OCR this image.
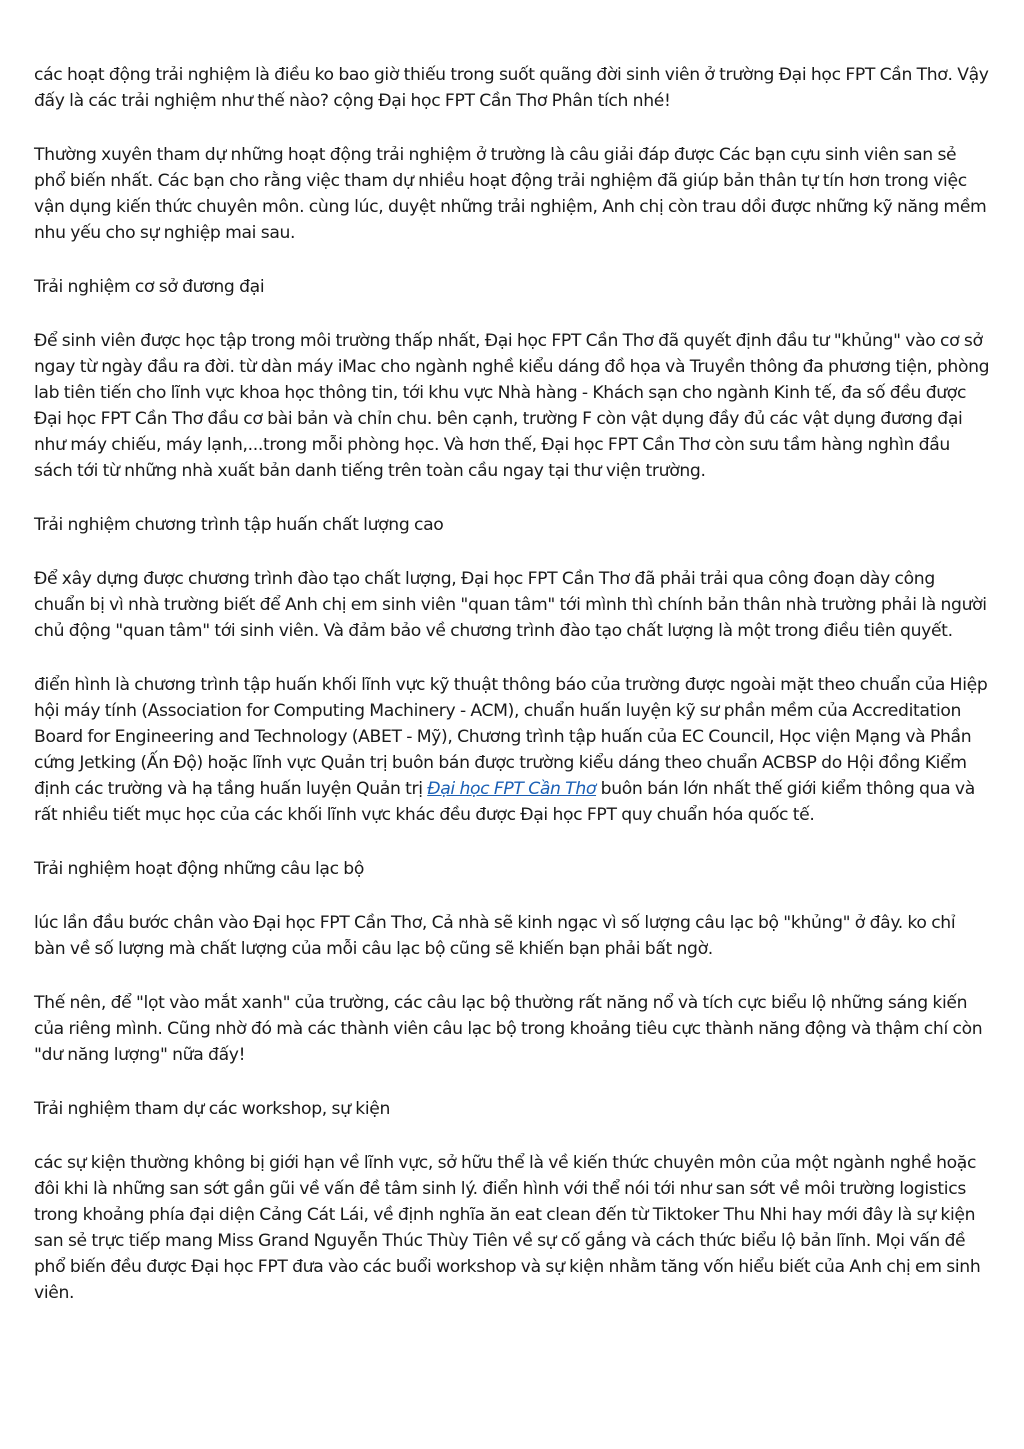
các hoạt động trải nghiệm là điều ko bao giờ thiếu trong suốt quãng đời sinh viên ở trường Đại học FPT Cần Thơ. Vậy đấy là các trải nghiệm như thế nào? cộng Đại học FPT Cần Thơ Phân tích nhé!

Thường xuyên tham dự những hoạt động trải nghiệm ở trường là câu giải đáp được Các bạn cựu sinh viên san sẻ phổ biến nhất. Các bạn cho rằng việc tham dự nhiều hoạt động trải nghiệm đã giúp bản thân tự tín hơn trong việc vận dụng kiến thức chuyên môn. cùng lúc, duyệt những trải nghiệm, Anh chị còn trau dồi được những kỹ năng mềm nhu yếu cho sự nghiệp mai sau.

Trải nghiệm cơ sở đương đại

Để sinh viên được học tập trong môi trường thấp nhất, Đại học FPT Cần Thơ đã quyết định đầu tư "khủng" vào cơ sở ngay từ ngày đầu ra đời. từ dàn máy iMac cho ngành nghề kiểu dáng đồ họa và Truyền thông đa phương tiện, phòng lab tiên tiến cho lĩnh vực khoa học thông tin, tới khu vực Nhà hàng - Khách sạn cho ngành Kinh tế, đa số đều được Đại học FPT Cần Thơ đầu cơ bài bản và chỉn chu. bên cạnh, trường F còn vật dụng đầy đủ các vật dụng đương đại như máy chiếu, máy lạnh,...trong mỗi phòng học. Và hơn thế, Đại học FPT Cần Thơ còn sưu tầm hàng nghìn đầu sách tới từ những nhà xuất bản danh tiếng trên toàn cầu ngay tại thư viện trường.

Trải nghiệm chương trình tập huấn chất lượng cao

Để xây dựng được chương trình đào tạo chất lượng, Đại học FPT Cần Thơ đã phải trải qua công đoạn dày công chuẩn bị vì nhà trường biết để Anh chị em sinh viên "quan tâm" tới mình thì chính bản thân nhà trường phải là người chủ động "quan tâm" tới sinh viên. Và đảm bảo về chương trình đào tạo chất lượng là một trong điều tiên quyết.

điển hình là chương trình tập huấn khối lĩnh vực kỹ thuật thông báo của trường được ngoài mặt theo chuẩn của Hiệp hội máy tính (Association for Computing Machinery - ACM), chuẩn huấn luyện kỹ sư phần mềm của Accreditation Board for Engineering and Technology (ABET - Mỹ), Chương trình tập huấn của EC Council, Học viện Mạng và Phần cứng Jetking (Ấn Độ) hoặc lĩnh vực Quản trị buôn bán được trường kiểu dáng theo chuẩn ACBSP do Hội đồng Kiểm định các trường và hạ tầng huấn luyện Quản trị Đại học FPT Cần Thơ buôn bán lớn nhất thế giới kiểm thông qua và rất nhiều tiết mục học của các khối lĩnh vực khác đều được Đại học FPT quy chuẩn hóa quốc tế.

Trải nghiệm hoạt động những câu lạc bộ

lúc lần đầu bước chân vào Đại học FPT Cần Thơ, Cả nhà sẽ kinh ngạc vì số lượng câu lạc bộ "khủng" ở đây. ko chỉ bàn về số lượng mà chất lượng của mỗi câu lạc bộ cũng sẽ khiến bạn phải bất ngờ.

Thế nên, để "lọt vào mắt xanh" của trường, các câu lạc bộ thường rất năng nổ và tích cực biểu lộ những sáng kiến của riêng mình. Cũng nhờ đó mà các thành viên câu lạc bộ trong khoảng tiêu cực thành năng động và thậm chí còn "dư năng lượng" nữa đấy!

Trải nghiệm tham dự các workshop, sự kiện

các sự kiện thường không bị giới hạn về lĩnh vực, sở hữu thể là về kiến thức chuyên môn của một ngành nghề hoặc đôi khi là những san sớt gần gũi về vấn đề tâm sinh lý. điển hình với thể nói tới như san sớt về môi trường logistics trong khoảng phía đại diện Cảng Cát Lái, về định nghĩa ăn eat clean đến từ Tiktoker Thu Nhi hay mới đây là sự kiện san sẻ trực tiếp mang Miss Grand Nguyễn Thúc Thùy Tiên về sự cố gắng và cách thức biểu lộ bản lĩnh. Mọi vấn đề phổ biến đều được Đại học FPT đưa vào các buổi workshop và sự kiện nhằm tăng vốn hiểu biết của Anh chị em sinh viên.
